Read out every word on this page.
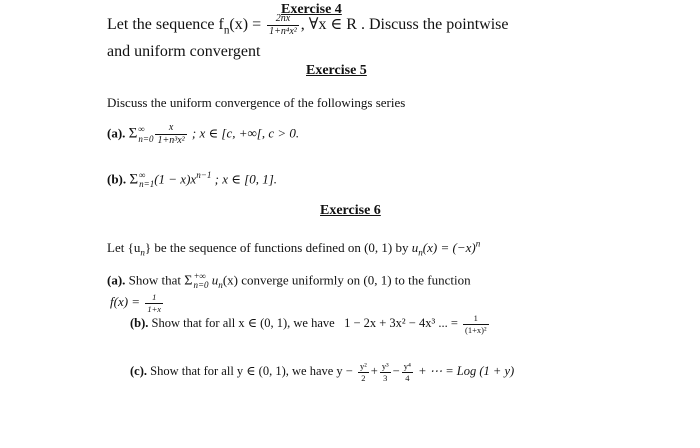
Exercise 4
Let the sequence $f_n(x) = \frac{2nx}{\text{1+n⁴x²}}$ , ∀x ∈ R . Discuss the pointwise
and uniform convergent
Exercise 5
Discuss the uniform convergence of the followings series
(a). Σ ∞
$n=0 \frac{x}{\text{1+n³x²}}$ ; x ∈ [c, +∞[, c > 0.
(b). Σ ∞
n=1 $(1 - x)x^{n-1}$ ; x ∈ [0, 1].
Exercise 6
Let $\{u_n\}$ be the sequence of functions defined on (0, 1) by $u_n(x) = (-x)^n$
(a). Show that Σ +∞
n=0 $u_n(x)$ converge uniformly on (0, 1) to the function
$f(x) = \frac{1}{1+x}$
(b). Show that for all x ∈ (0, 1), we have 1 − 2x + 3x² − 4x³ ... = $\frac{1}{\text{(1+x)²}}$
(c). Show that for all y ∈ (0, 1), we have $y - \frac{\text{y²}}{2} + \frac{\text{y³}}{3} - \frac{\text{y⁴}}{4}$ + ⋯ = Log (1 + y)
